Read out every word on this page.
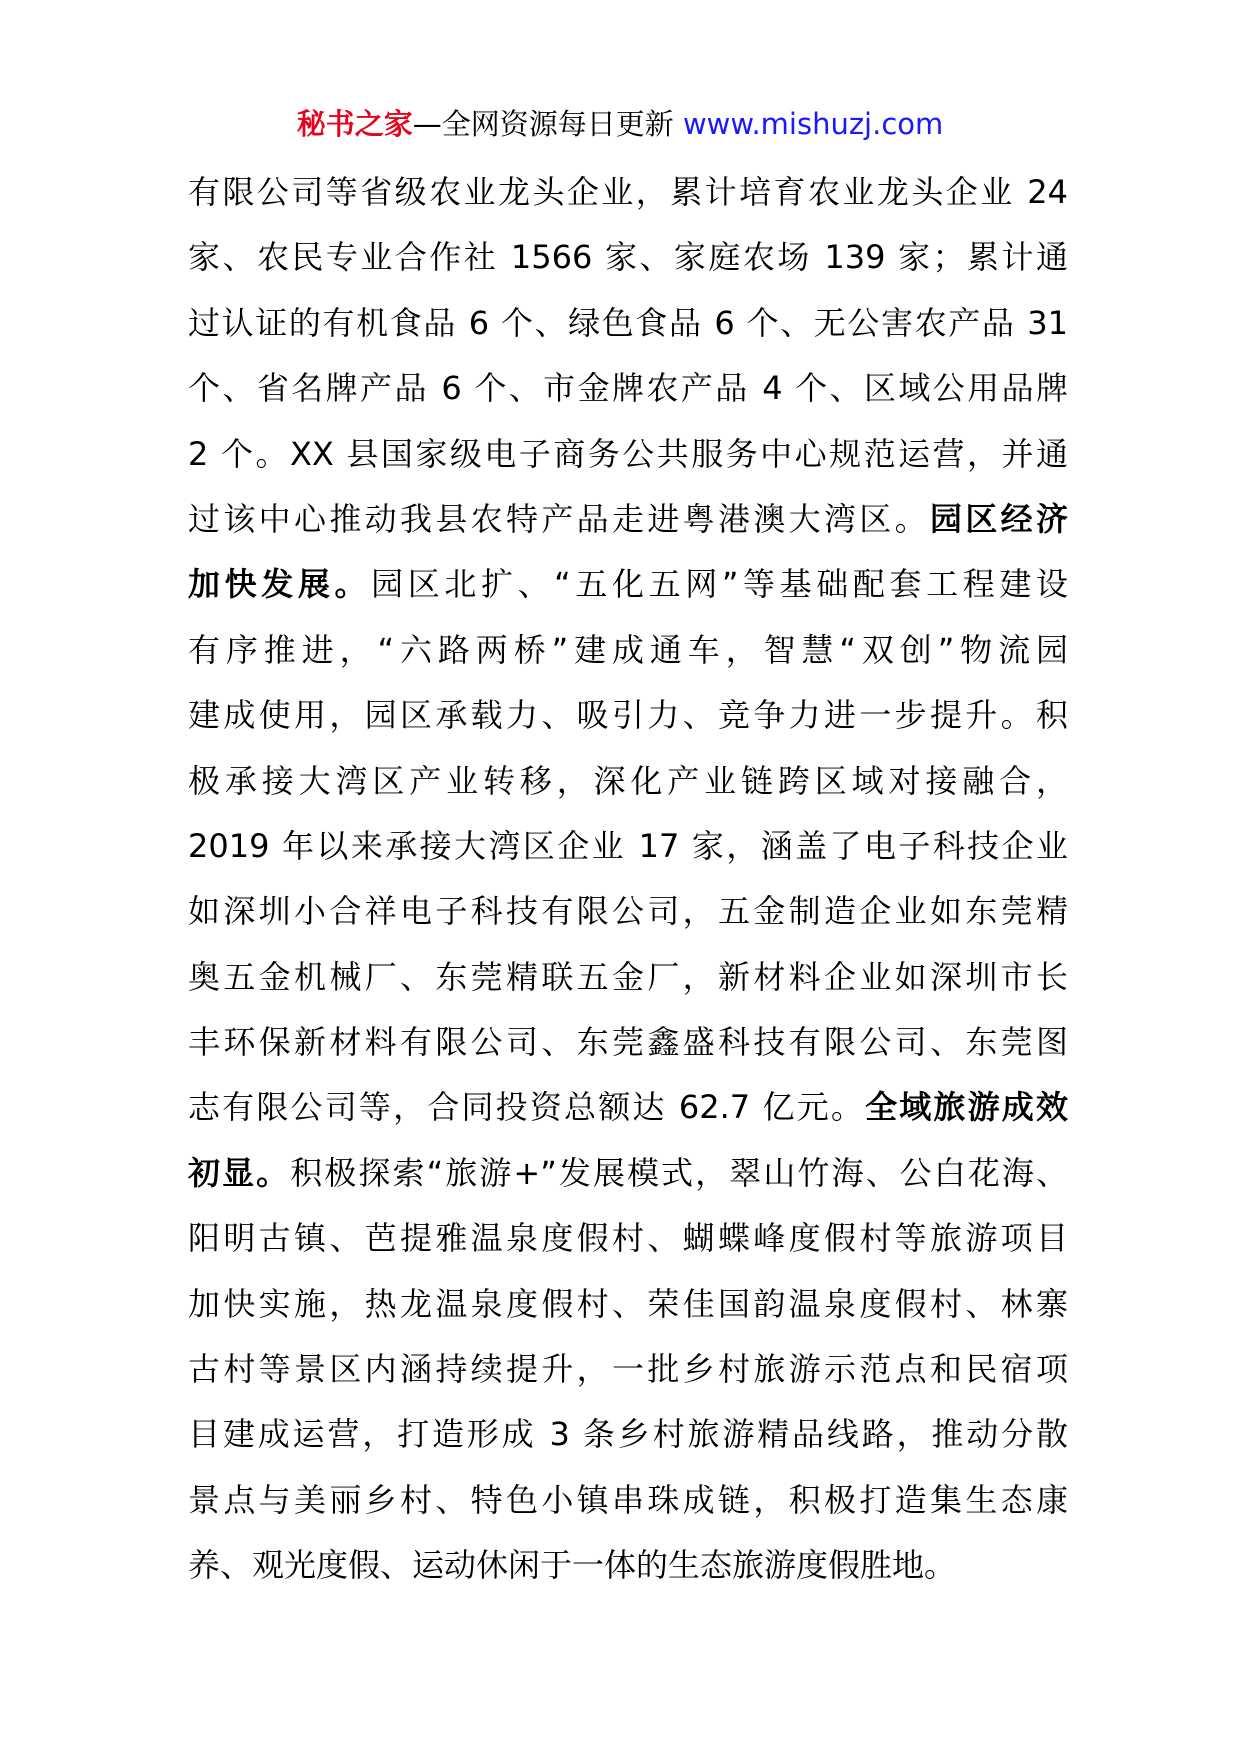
秘书之家—全网资源每日更新 www.mishuzj.com
有限公司等省级农业龙头企业，累计培育农业龙头企业 24
家、农民专业合作社 1566 家、家庭农场 139 家；累计通
过认证的有机食品 6 个、绿色食品 6 个、无公害农产品 31
个、省名牌产品 6 个、市金牌农产品 4 个、区域公用品牌
2 个。XX 县国家级电子商务公共服务中心规范运营，并通
过该中心推动我县农特产品走进粤港澳大湾区。园区经济
加快发展。园区北扩、“五化五网”等基础配套工程建设
有序推进，“六路两桥”建成通车，智慧“双创”物流园
建成使用，园区承载力、吸引力、竞争力进一步提升。积
极承接大湾区产业转移，深化产业链跨区域对接融合，
2019 年以来承接大湾区企业 17 家，涵盖了电子科技企业
如深圳小合祥电子科技有限公司，五金制造企业如东莞精
奥五金机械厂、东莞精联五金厂，新材料企业如深圳市长
丰环保新材料有限公司、东莞鑫盛科技有限公司、东莞图
志有限公司等，合同投资总额达 62.7 亿元。全域旅游成效
初显。积极探索“旅游+”发展模式，翠山竹海、公白花海、
阳明古镇、芭提雅温泉度假村、蝴蝶峰度假村等旅游项目
加快实施，热龙温泉度假村、荣佳国韵温泉度假村、林寨
古村等景区内涵持续提升，一批乡村旅游示范点和民宿项
目建成运营，打造形成 3 条乡村旅游精品线路，推动分散
景点与美丽乡村、特色小镇串珠成链，积极打造集生态康
养、观光度假、运动休闲于一体的生态旅游度假胜地。
